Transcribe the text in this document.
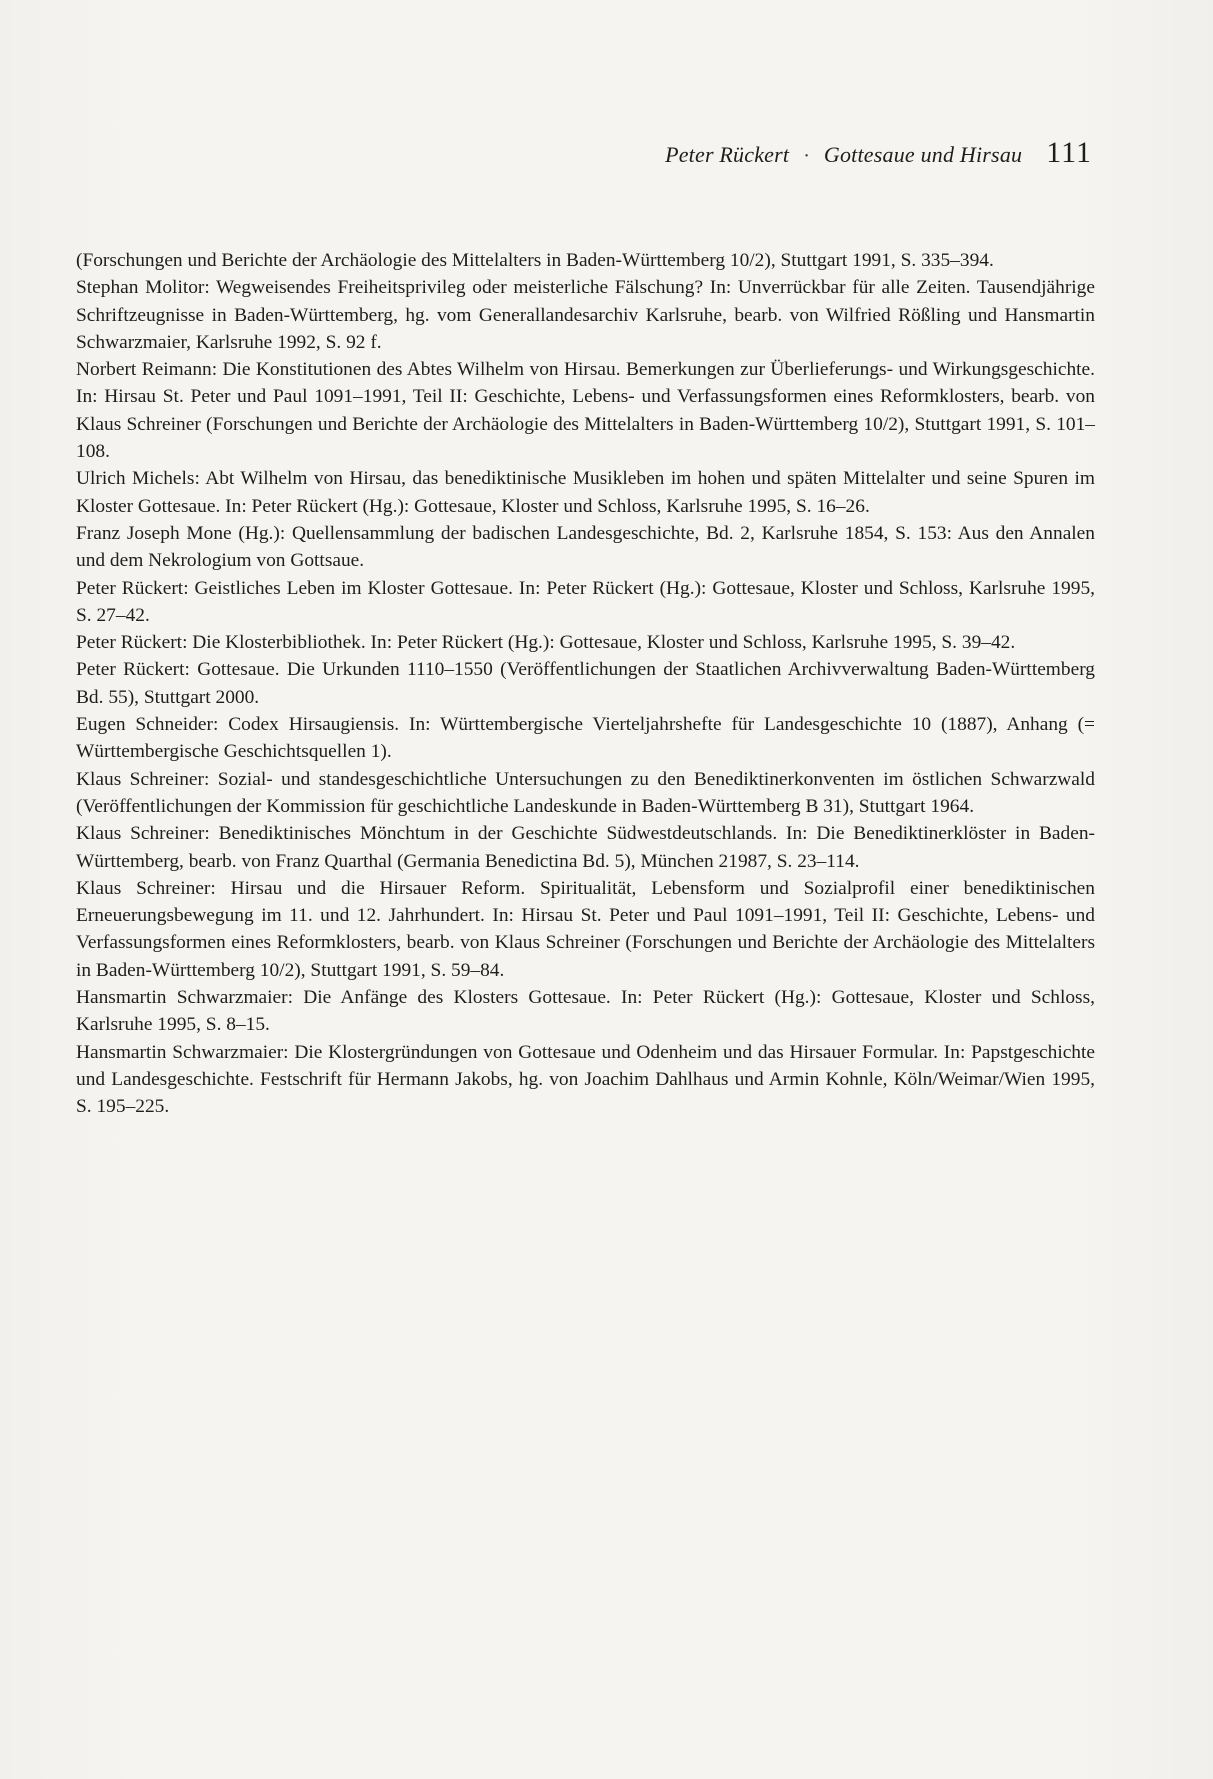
Peter Rückert · Gottesaue und Hirsau 111
(Forschungen und Berichte der Archäologie des Mittelalters in Baden-Württemberg 10/2), Stuttgart 1991, S. 335–394.
Stephan Molitor: Wegweisendes Freiheitsprivileg oder meisterliche Fälschung? In: Unverrückbar für alle Zeiten. Tausendjährige Schriftzeugnisse in Baden-Württemberg, hg. vom Generallandesarchiv Karlsruhe, bearb. von Wilfried Rößling und Hansmartin Schwarzmaier, Karlsruhe 1992, S. 92 f.
Norbert Reimann: Die Konstitutionen des Abtes Wilhelm von Hirsau. Bemerkungen zur Überlieferungs- und Wirkungsgeschichte. In: Hirsau St. Peter und Paul 1091–1991, Teil II: Geschichte, Lebens- und Verfassungsformen eines Reformklosters, bearb. von Klaus Schreiner (Forschungen und Berichte der Archäologie des Mittelalters in Baden-Württemberg 10/2), Stuttgart 1991, S. 101–108.
Ulrich Michels: Abt Wilhelm von Hirsau, das benediktinische Musikleben im hohen und späten Mittelalter und seine Spuren im Kloster Gottesaue. In: Peter Rückert (Hg.): Gottesaue, Kloster und Schloss, Karlsruhe 1995, S. 16–26.
Franz Joseph Mone (Hg.): Quellensammlung der badischen Landesgeschichte, Bd. 2, Karlsruhe 1854, S. 153: Aus den Annalen und dem Nekrologium von Gottsaue.
Peter Rückert: Geistliches Leben im Kloster Gottesaue. In: Peter Rückert (Hg.): Gottesaue, Kloster und Schloss, Karlsruhe 1995, S. 27–42.
Peter Rückert: Die Klosterbibliothek. In: Peter Rückert (Hg.): Gottesaue, Kloster und Schloss, Karlsruhe 1995, S. 39–42.
Peter Rückert: Gottesaue. Die Urkunden 1110–1550 (Veröffentlichungen der Staatlichen Archivverwaltung Baden-Württemberg Bd. 55), Stuttgart 2000.
Eugen Schneider: Codex Hirsaugiensis. In: Württembergische Vierteljahrshefte für Landesgeschichte 10 (1887), Anhang (= Württembergische Geschichtsquellen 1).
Klaus Schreiner: Sozial- und standesgeschichtliche Untersuchungen zu den Benediktinerkonventen im östlichen Schwarzwald (Veröffentlichungen der Kommission für geschichtliche Landeskunde in Baden-Württemberg B 31), Stuttgart 1964.
Klaus Schreiner: Benediktinisches Mönchtum in der Geschichte Südwestdeutschlands. In: Die Benediktinerklöster in Baden-Württemberg, bearb. von Franz Quarthal (Germania Benedictina Bd. 5), München 21987, S. 23–114.
Klaus Schreiner: Hirsau und die Hirsauer Reform. Spiritualität, Lebensform und Sozialprofil einer benediktinischen Erneuerungsbewegung im 11. und 12. Jahrhundert. In: Hirsau St. Peter und Paul 1091–1991, Teil II: Geschichte, Lebens- und Verfassungsformen eines Reformklosters, bearb. von Klaus Schreiner (Forschungen und Berichte der Archäologie des Mittelalters in Baden-Württemberg 10/2), Stuttgart 1991, S. 59–84.
Hansmartin Schwarzmaier: Die Anfänge des Klosters Gottesaue. In: Peter Rückert (Hg.): Gottesaue, Kloster und Schloss, Karlsruhe 1995, S. 8–15.
Hansmartin Schwarzmaier: Die Klostergründungen von Gottesaue und Odenheim und das Hirsauer Formular. In: Papstgeschichte und Landesgeschichte. Festschrift für Hermann Jakobs, hg. von Joachim Dahlhaus und Armin Kohnle, Köln/Weimar/Wien 1995, S. 195–225.
